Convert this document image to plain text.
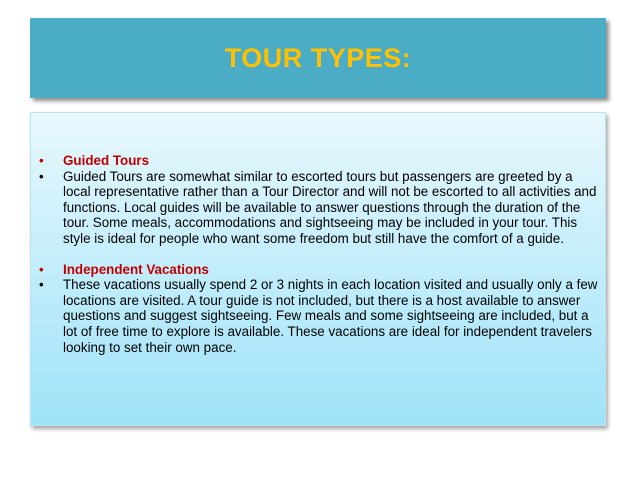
TOUR TYPES:
• Guided Tours
• Guided Tours are somewhat similar to escorted tours but passengers are greeted by a local representative rather than a Tour Director and will not be escorted to all activities and functions. Local guides will be available to answer questions through the duration of the tour. Some meals, accommodations and sightseeing may be included in your tour. This style is ideal for people who want some freedom but still have the comfort of a guide.
• Independent Vacations
• These vacations usually spend 2 or 3 nights in each location visited and usually only a few locations are visited. A tour guide is not included, but there is a host available to answer questions and suggest sightseeing. Few meals and some sightseeing are included, but a lot of free time to explore is available. These vacations are ideal for independent travelers looking to set their own pace.
